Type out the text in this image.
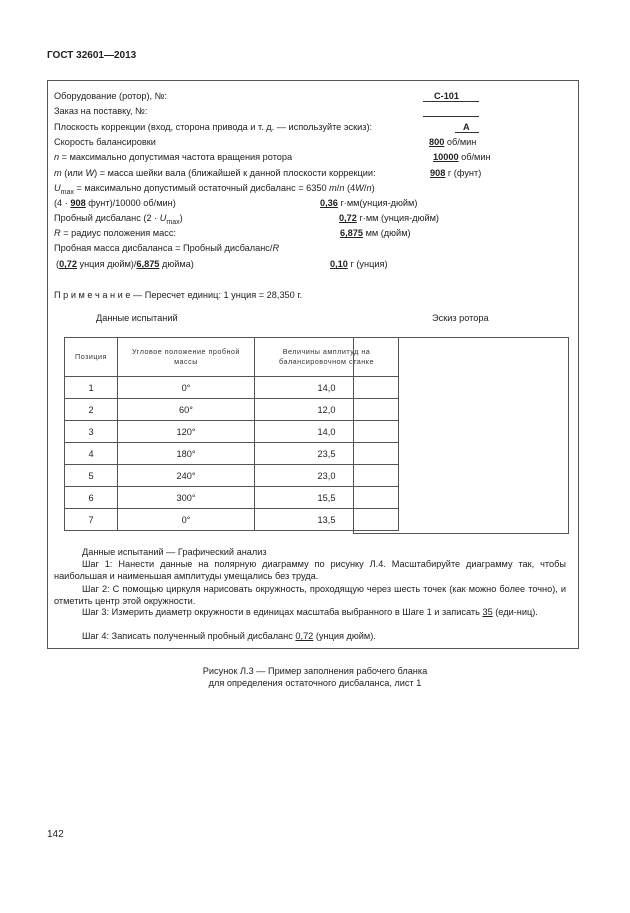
ГОСТ 32601—2013
Оборудование (ротор), №:	С-101
Заказ на поставку, №:
Плоскость коррекции (вход, сторона привода и т. д. — используйте эскиз):	А
Скорость балансировки	800 об/мин
n = максимально допустимая частота вращения ротора	10000 об/мин
m (или W) = масса шейки вала (ближайшей к данной плоскости коррекции:	908 г (фунт)
$U_{max}$ = максимально допустимый остаточный дисбаланс = 6350 m/n (4W/n)
(4 · 908 фунт)/10000 об/мин)	0,36 г·мм(унция-дюйм)
Пробный дисбаланс $(2 \cdot U_{max})$	0,72 г·мм (унция-дюйм)
R = радиус положения масс:	6,875 мм (дюйм)
Пробная масса дисбаланса = Пробный дисбаланс/R
(0,72 унция дюйм)/6,875 дюйма)	0,10 г (унция)
П р и м е ч а н и е — Пересчет единиц: 1 унция = 28,350 г.
Данные испытаний	Эскиз ротора
Позиция	Угловое положение пробной массы	Величины амплитуд на балансировочном станке
1	0°	14,0
2	60°	12,0
3	120°	14,0
4	180°	23,5
5	240°	23,0
6	300°	15,5
7	0°	13,5
Данные испытаний — Графический анализ
Шаг 1: Нанести данные на полярную диаграмму по рисунку Л.4. Масштабируйте диаграмму так, чтобы наибольшая и наименьшая амплитуды умещались без труда.
Шаг 2: С помощью циркуля нарисовать окружность, проходящую через шесть точек (как можно более точно), и отметить центр этой окружности.
Шаг 3: Измерить диаметр окружности в единицах масштаба выбранного в Шаге 1 и записать 35 (еди-ниц).
Шаг 4: Записать полученный пробный дисбаланс 0,72 (унция дюйм).
Рисунок Л.3 — Пример заполнения рабочего бланка
для определения остаточного дисбаланса, лист 1
142
